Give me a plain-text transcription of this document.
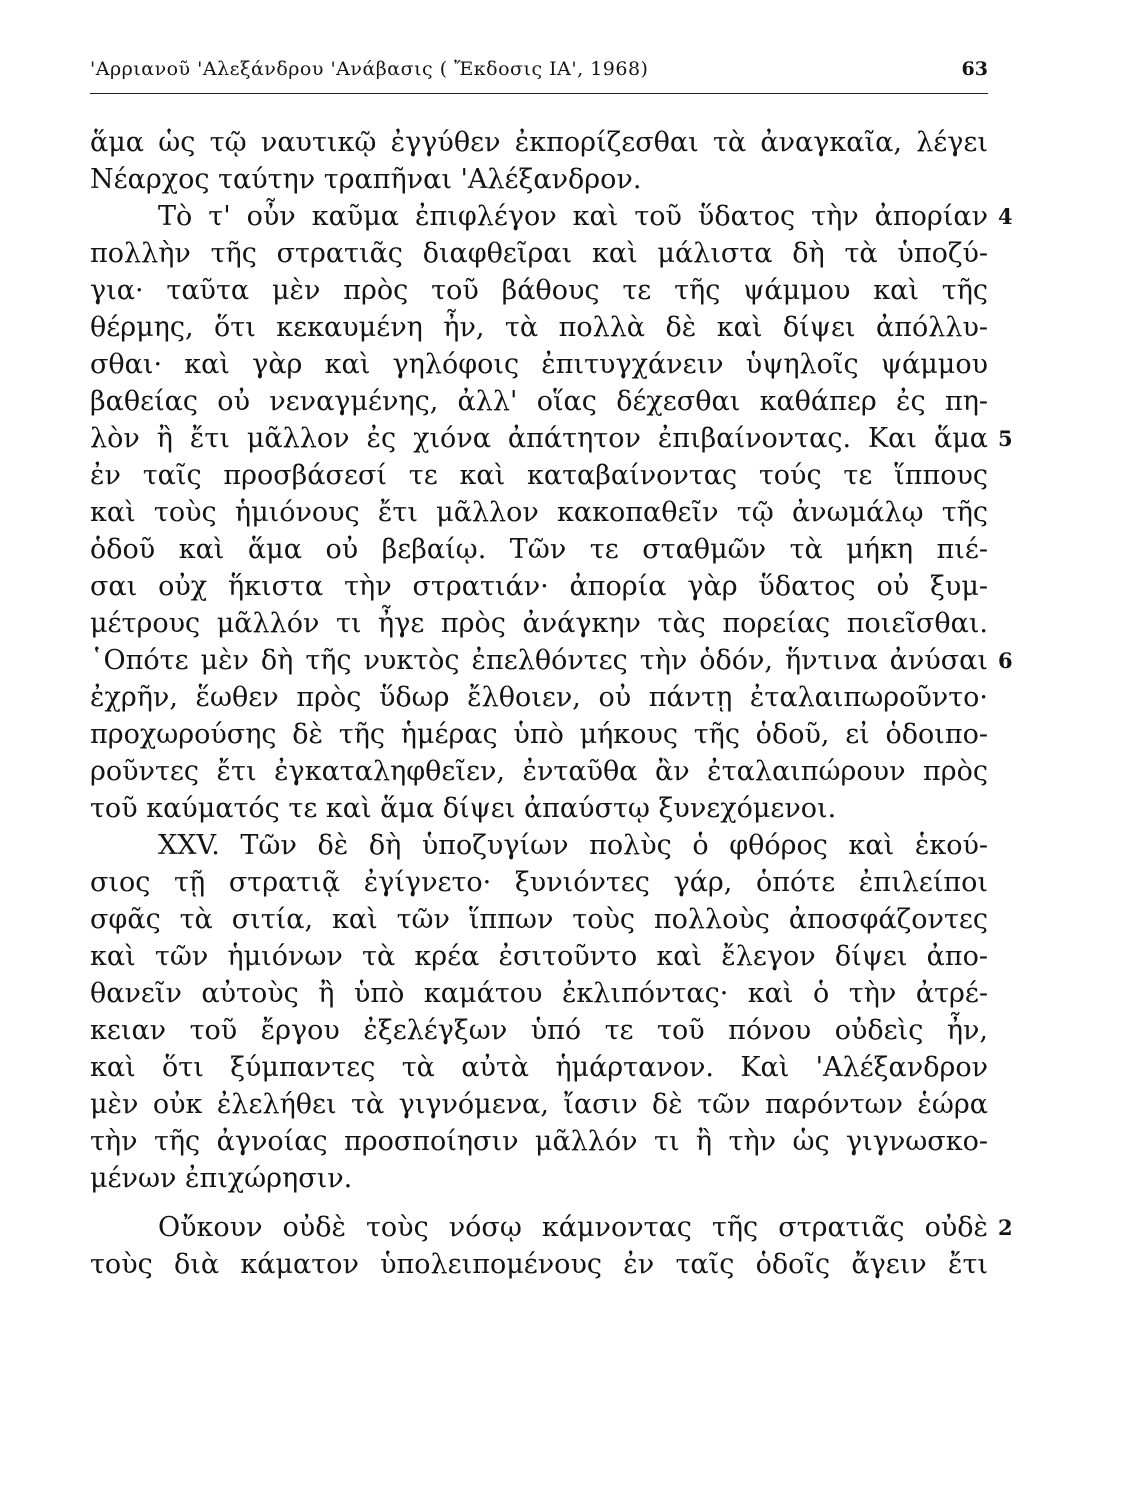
'Αρριανοῦ 'Αλεξάνδρου 'Ανάβασις ( Ἔκδοσις ΙΑ', 1968)	63
ἅμα ὡς τῷ ναυτικῷ ἐγγύθεν ἐκπορίζεσθαι τὰ ἀναγκαῖα, λέγει
Νέαρχος ταύτην τραπῆναι 'Αλέξανδρον.
Τὸ τ' οὖν καῦμα ἐπιφλέγον καὶ τοῦ ὕδατος τὴν ἀπορίαν 4
πολλὴν τῆς στρατιᾶς διαφθεῖραι καὶ μάλιστα δὴ τὰ ὑποζύ-
για· ταῦτα μὲν πρὸς τοῦ βάθους τε τῆς ψάμμου καὶ τῆς
θέρμης, ὅτι κεκαυμένη ἦν, τὰ πολλὰ δὲ καὶ δίψει ἀπόλλυ-
σθαι· καὶ γὰρ καὶ γηλόφοις ἐπιτυγχάνειν ὑψηλοῖς ψάμμου
βαθείας οὐ νεναγμένης, ἀλλ' οἵας δέχεσθαι καθάπερ ἐς πη-
λὸν ἢ ἔτι μᾶλλον ἐς χιόνα ἀπάτητον ἐπιβαίνοντας. Και ἅμα 5
ἐν ταῖς προσβάσεσί τε καὶ καταβαίνοντας τούς τε ἵππους
καὶ τοὺς ἡμιόνους ἔτι μᾶλλον κακοπαθεῖν τῷ ἀνωμάλῳ τῆς
ὁδοῦ καὶ ἅμα οὐ βεβαίῳ. Τῶν τε σταθμῶν τὰ μήκη πιέ-
σαι οὐχ ἥκιστα τὴν στρατιάν· ἀπορία γὰρ ὕδατος οὐ ξυμ-
μέτρους μᾶλλόν τι ἦγε πρὸς ἀνάγκην τὰς πορείας ποιεῖσθαι.
῾Οπότε μὲν δὴ τῆς νυκτὸς ἐπελθόντες τὴν ὁδόν, ἥντινα ἀνύσαι 6
ἐχρῆν, ἕωθεν πρὸς ὕδωρ ἔλθοιεν, οὐ πάντῃ ἐταλαιπωροῦντο·
προχωρούσης δὲ τῆς ἡμέρας ὑπὸ μήκους τῆς ὁδοῦ, εἰ ὁδοιπο-
ροῦντες ἔτι ἐγκαταληφθεῖεν, ἐνταῦθα ἂν ἐταλαιπώρουν πρὸς
τοῦ καύματός τε καὶ ἅμα δίψει ἀπαύστῳ ξυνεχόμενοι.
XXV. Τῶν δὲ δὴ ὑποζυγίων πολὺς ὁ φθόρος καὶ ἑκού-
σιος τῇ στρατιᾷ ἐγίγνετο· ξυνιόντες γάρ, ὁπότε ἐπιλείποι
σφᾶς τὰ σιτία, καὶ τῶν ἵππων τοὺς πολλοὺς ἀποσφάζοντες
καὶ τῶν ἡμιόνων τὰ κρέα ἐσιτοῦντο καὶ ἔλεγον δίψει ἀπο-
θανεῖν αὐτοὺς ἢ ὑπὸ καμάτου ἐκλιπόντας· καὶ ὁ τὴν ἀτρέ-
κειαν τοῦ ἔργου ἐξελέγξων ὑπό τε τοῦ πόνου οὐδεὶς ἦν,
καὶ ὅτι ξύμπαντες τὰ αὐτὰ ἡμάρτανον. Καὶ 'Αλέξανδρον
μὲν οὐκ ἐλελήθει τὰ γιγνόμενα, ἴασιν δὲ τῶν παρόντων ἑώρα
τὴν τῆς ἀγνοίας προσποίησιν μᾶλλόν τι ἢ τὴν ὡς γιγνωσκο-
μένων ἐπιχώρησιν.
Οὔκουν οὐδὲ τοὺς νόσῳ κάμνοντας τῆς στρατιᾶς οὐδὲ 2
τοὺς διὰ κάματον ὑπολειπομένους ἐν ταῖς ὁδοῖς ἄγειν ἔτι
